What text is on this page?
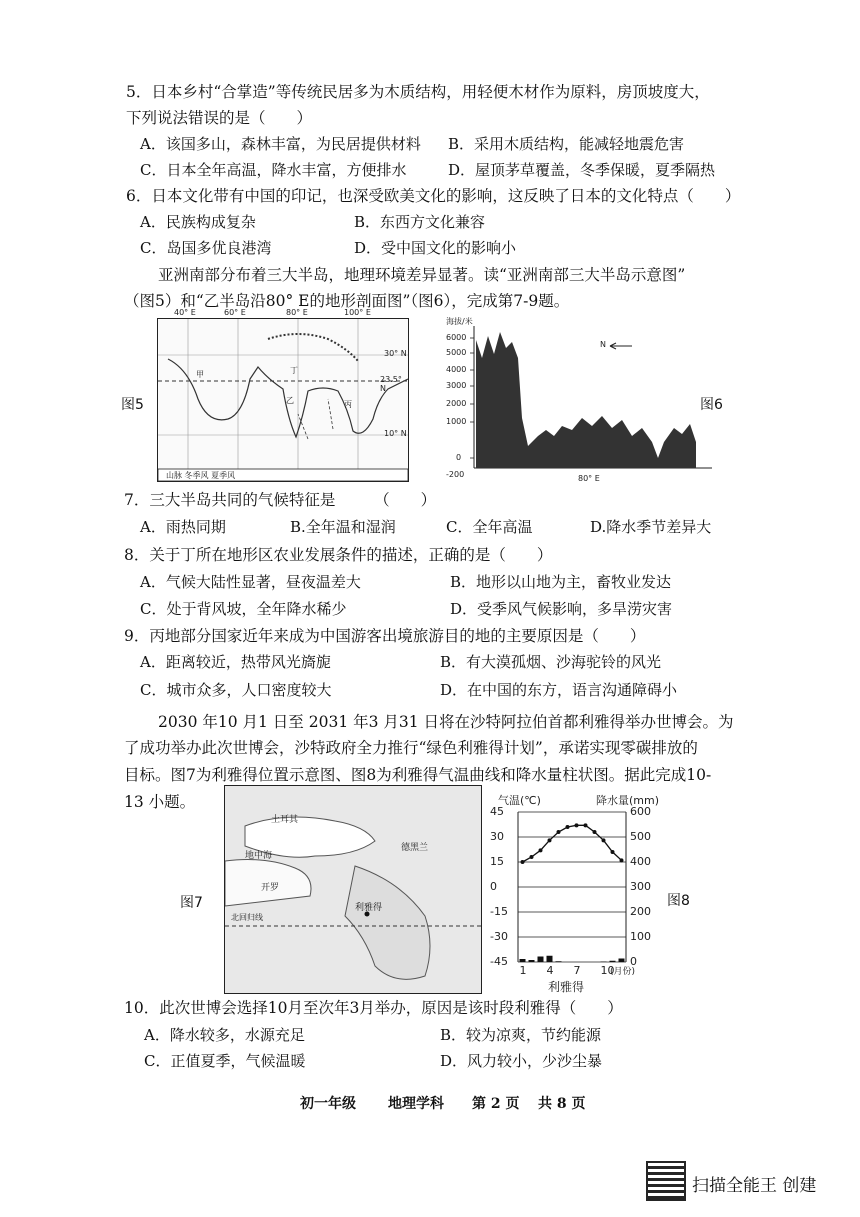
5．日本乡村“合掌造”等传统民居多为木质结构，用轻便木材作为原料，房顶坡度大，
下列说法错误的是（　　）
A．该国多山，森林丰富，为民居提供材料 B．采用木质结构，能减轻地震危害
C．日本全年高温，降水丰富，方便排水	D．屋顶茅草覆盖，冬季保暖，夏季隔热
6．日本文化带有中国的印记，也深受欧美文化的影响，这反映了日本的文化特点（　　）
A．民族构成复杂	B．东西方文化兼容
C．岛国多优良港湾	D．受中国文化的影响小
亚洲南部分布着三大半岛，地理环境差异显著。读“亚洲南部三大半岛示意图”
（图5）和“乙半岛沿80° E的地形剖面图”（图6），完成第7-9题。
图5
40° E	60° E	80° E	100° E
30° N
23.5° N
10° N
甲
乙	丙
丁
山脉 冬季风 夏季风
海拔/米
6000
5000
4000
3000
2000
1000
0
-200	80° E
N
丁
图6
7．三大半岛共同的气候特征是　　　（　　）
A．雨热同期	B.全年温和湿润	C．全年高温	D.降水季节差异大
8．关于丁所在地形区农业发展条件的描述，正确的是（　　）
A．气候大陆性显著，昼夜温差大	B．地形以山地为主，畜牧业发达
C．处于背风坡，全年降水稀少	D．受季风气候影响，多旱涝灾害
9．丙地部分国家近年来成为中国游客出境旅游目的地的主要原因是（　　）
A．距离较近，热带风光旖旎	B．有大漠孤烟、沙海驼铃的风光
C．城市众多，人口密度较大	D．在中国的东方，语言沟通障碍小
2030 年10 月1 日至 2031 年3 月31 日将在沙特阿拉伯首都利雅得举办世博会。为
了成功举办此次世博会，沙特政府全力推行“绿色利雅得计划”，承诺实现零碳排放的
目标。图7为利雅得位置示意图、图8为利雅得气温曲线和降水量柱状图。据此完成10-
13 小题。
图7
土耳其
地中海
德黑兰
开罗
利雅得
北回归线
气温(℃)	降水量(mm)
45
30
15
0
-15
-30
-45
600
500
400
300
200
100
0
1 4 7 10
(月份)
利雅得
图8
10．此次世博会选择10月至次年3月举办，原因是该时段利雅得（　　）
A．降水较多，水源充足	B．较为凉爽，节约能源
C．正值夏季，气候温暖	D．风力较小，少沙尘暴
初一年级 地理学科 第 2 页 共 8 页
扫描全能王 创建
